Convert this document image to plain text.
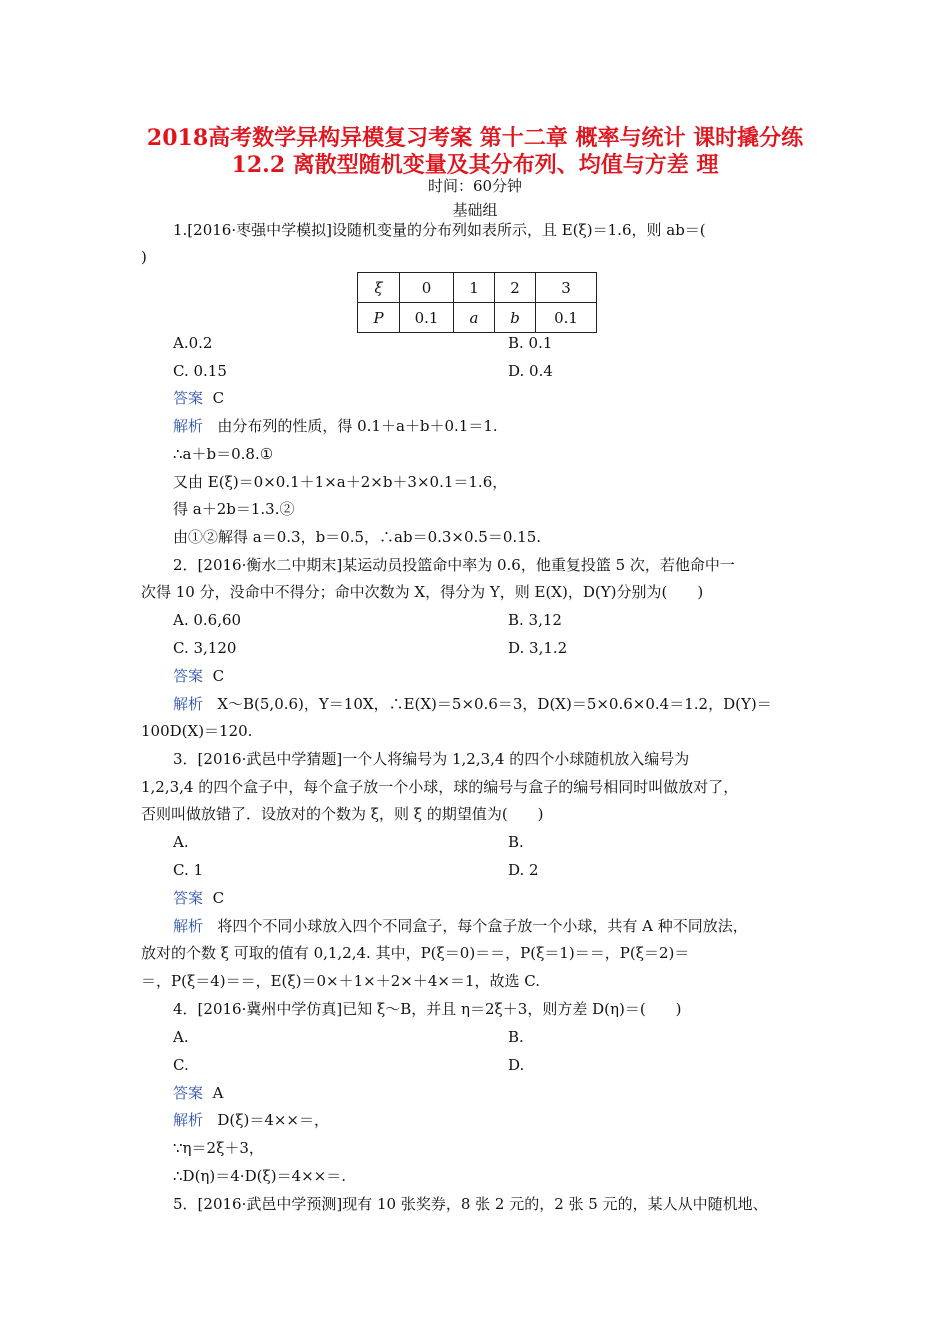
2018高考数学异构异模复习考案 第十二章 概率与统计 课时撬分练
12.2 离散型随机变量及其分布列、均值与方差 理
时间：60分钟
基础组
1.[2016·枣强中学模拟]设随机变量的分布列如表所示，且 E(ξ)＝1.6，则 ab＝(
)
ξ	0	1	2	3
P	0.1	a	b	0.1
A.0.2	B. 0.1
C. 0.15	D. 0.4
答案 C
解析 由分布列的性质，得 0.1＋a＋b＋0.1＝1.
∴a＋b＝0.8.①
又由 E(ξ)＝0×0.1＋1×a＋2×b＋3×0.1＝1.6，
得 a＋2b＝1.3.②
由①②解得 a＝0.3，b＝0.5，∴ab＝0.3×0.5＝0.15.
2．[2016·衡水二中期末]某运动员投篮命中率为 0.6，他重复投篮 5 次，若他命中一
次得 10 分，没命中不得分；命中次数为 X，得分为 Y，则 E(X)，D(Y)分别为(　　)
A. 0.6,60	B. 3,12
C. 3,120	D. 3,1.2
答案 C
解析 X～B(5,0.6)，Y＝10X，∴E(X)＝5×0.6＝3，D(X)＝5×0.6×0.4＝1.2，D(Y)＝
100D(X)＝120.
3．[2016·武邑中学猜题]一个人将编号为 1,2,3,4 的四个小球随机放入编号为
1,2,3,4 的四个盒子中，每个盒子放一个小球，球的编号与盒子的编号相同时叫做放对了，
否则叫做放错了．设放对的个数为 ξ，则 ξ 的期望值为(　　)
A.	B.
C. 1	D. 2
答案 C
解析 将四个不同小球放入四个不同盒子，每个盒子放一个小球，共有 A 种不同放法，
放对的个数 ξ 可取的值有 0,1,2,4. 其中，P(ξ＝0)＝＝，P(ξ＝1)＝＝，P(ξ＝2)＝
＝，P(ξ＝4)＝＝，E(ξ)＝0×＋1×＋2×＋4×＝1，故选 C.
4．[2016·冀州中学仿真]已知 ξ～B，并且 η＝2ξ＋3，则方差 D(η)＝(　　)
A.	B.
C.	D.
答案 A
解析 D(ξ)＝4××＝，
∵η＝2ξ＋3，
∴D(η)＝4·D(ξ)＝4××＝.
5．[2016·武邑中学预测]现有 10 张奖券，8 张 2 元的，2 张 5 元的，某人从中随机地、
